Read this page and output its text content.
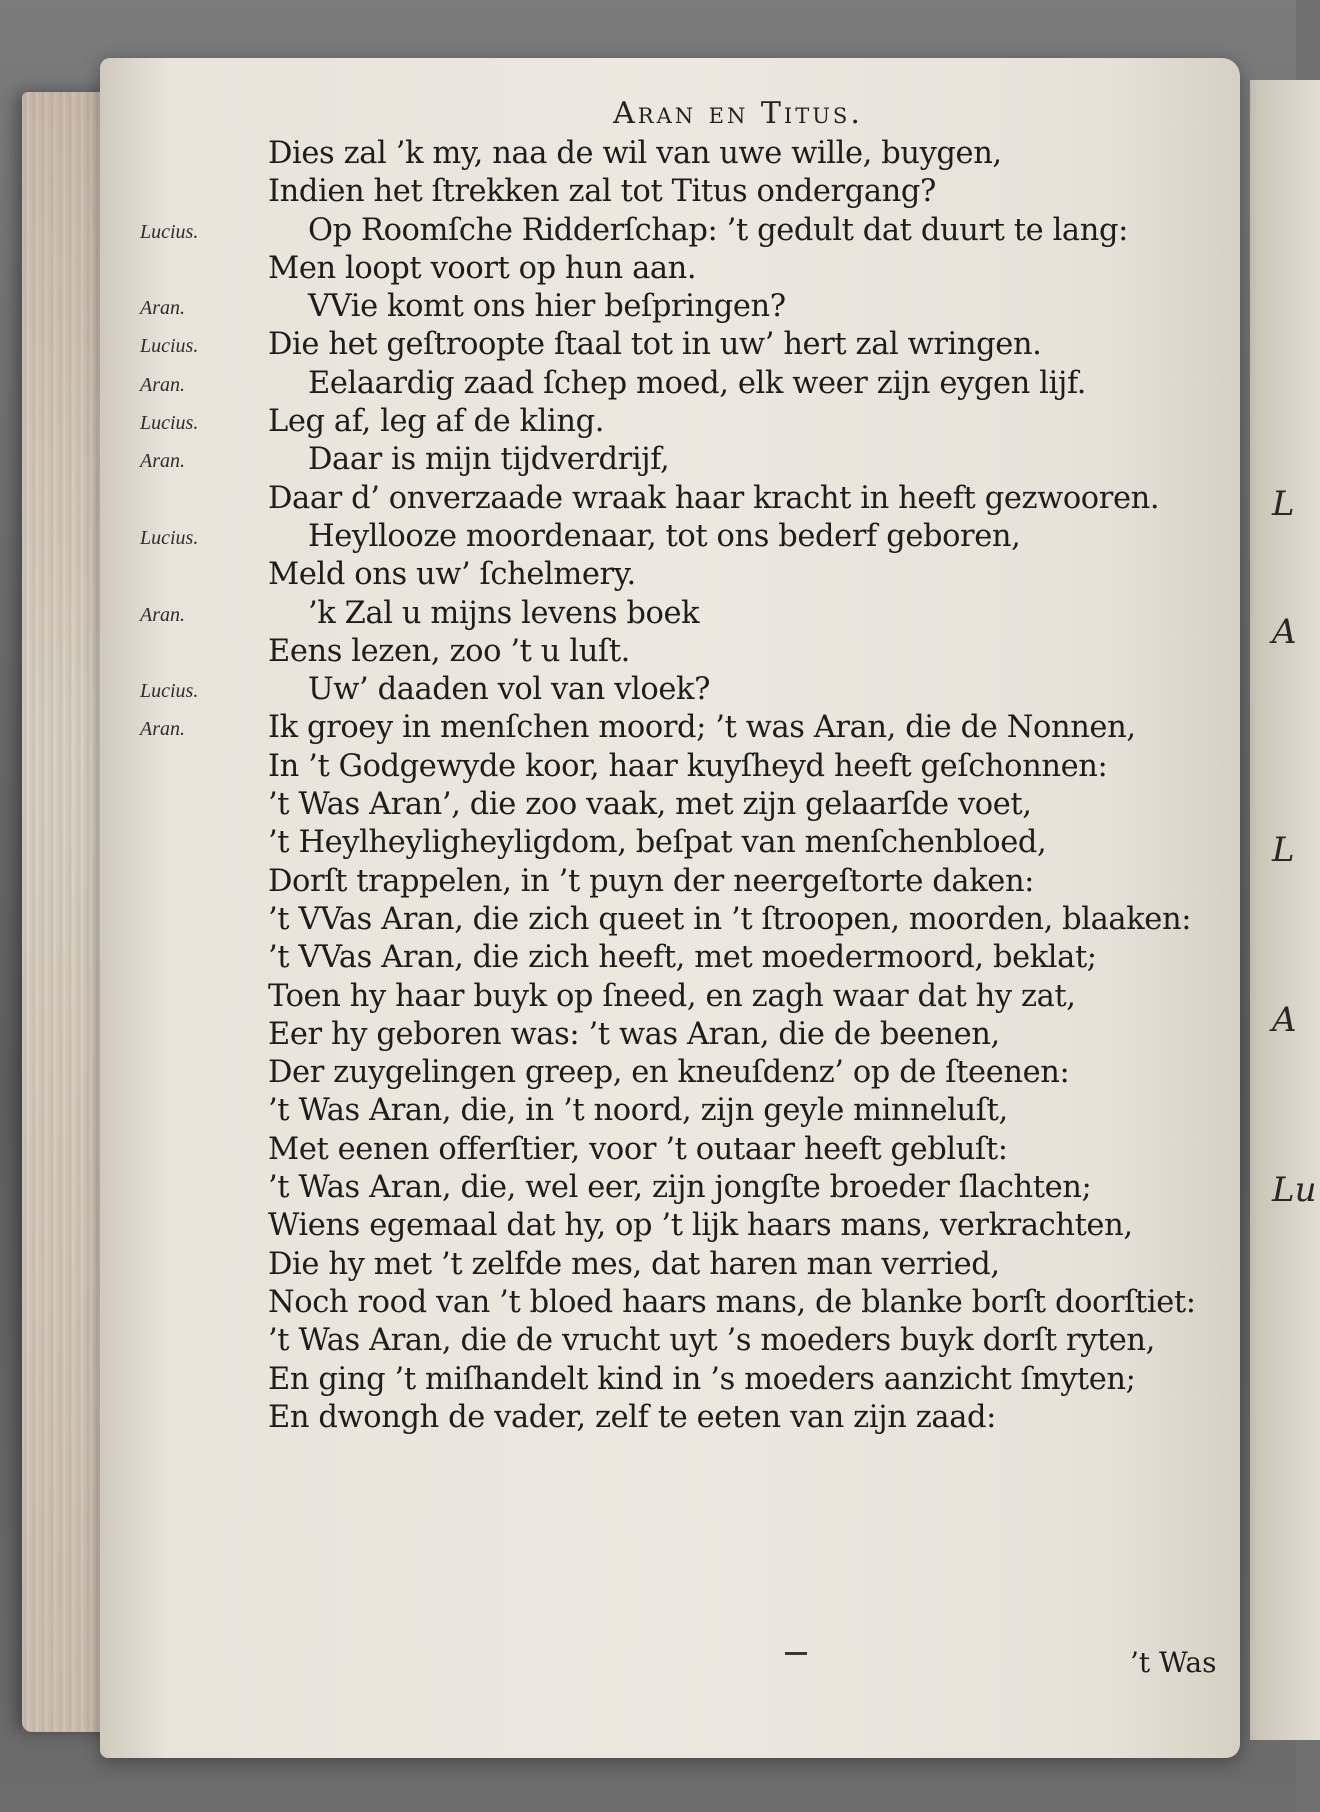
L
A
L
A
Lu
Aran en Titus.
Dies zal ’k my, naa de wil van uwe wille, buygen,
Indien het ſtrekken zal tot Titus ondergang?
Lucius.	Op Roomſche Ridderſchap: ’t gedult dat duurt te lang:
Men loopt voort op hun aan.
Aran.	VVie komt ons hier beſpringen?
Lucius. Die het geſtroopte ſtaal tot in uw’ hert zal wringen.
Aran.	Eelaardig zaad ſchep moed, elk weer zijn eygen lijf.
Lucius. Leg af, leg af de kling.
Aran.	Daar is mijn tijdverdrijf,
Daar d’ onverzaade wraak haar kracht in heeft gezwooren.
Lucius.	Heyllooze moordenaar, tot ons bederf geboren,
Meld ons uw’ ſchelmery.
Aran.	’k Zal u mijns levens boek
Eens lezen, zoo ’t u luſt.
Lucius.	Uw’ daaden vol van vloek?
Aran.	Ik groey in menſchen moord; ’t was Aran, die de Nonnen,
In ’t Godgewyde koor, haar kuyſheyd heeft geſchonnen:
’t Was Aran’, die zoo vaak, met zijn gelaarſde voet,
’t Heylheyligheyligdom, beſpat van menſchenbloed,
Dorſt trappelen, in ’t puyn der neergeſtorte daken:
’t VVas Aran, die zich queet in ’t ſtroopen, moorden, blaaken:
’t VVas Aran, die zich heeft, met moedermoord, beklat;
Toen hy haar buyk op ſneed, en zagh waar dat hy zat,
Eer hy geboren was: ’t was Aran, die de beenen,
Der zuygelingen greep, en kneuſdenz’ op de ſteenen:
’t Was Aran, die, in ’t noord, zijn geyle minneluſt,
Met eenen offerſtier, voor ’t outaar heeft gebluſt:
’t Was Aran, die, wel eer, zijn jongſte broeder ſlachten;
Wiens egemaal dat hy, op ’t lijk haars mans, verkrachten,
Die hy met ’t zelfde mes, dat haren man verried,
Noch rood van ’t bloed haars mans, de blanke borſt doorſtiet:
’t Was Aran, die de vrucht uyt ’s moeders buyk dorſt ryten,
En ging ’t miſhandelt kind in ’s moeders aanzicht ſmyten;
En dwongh de vader, zelf te eeten van zijn zaad:
’t Was
